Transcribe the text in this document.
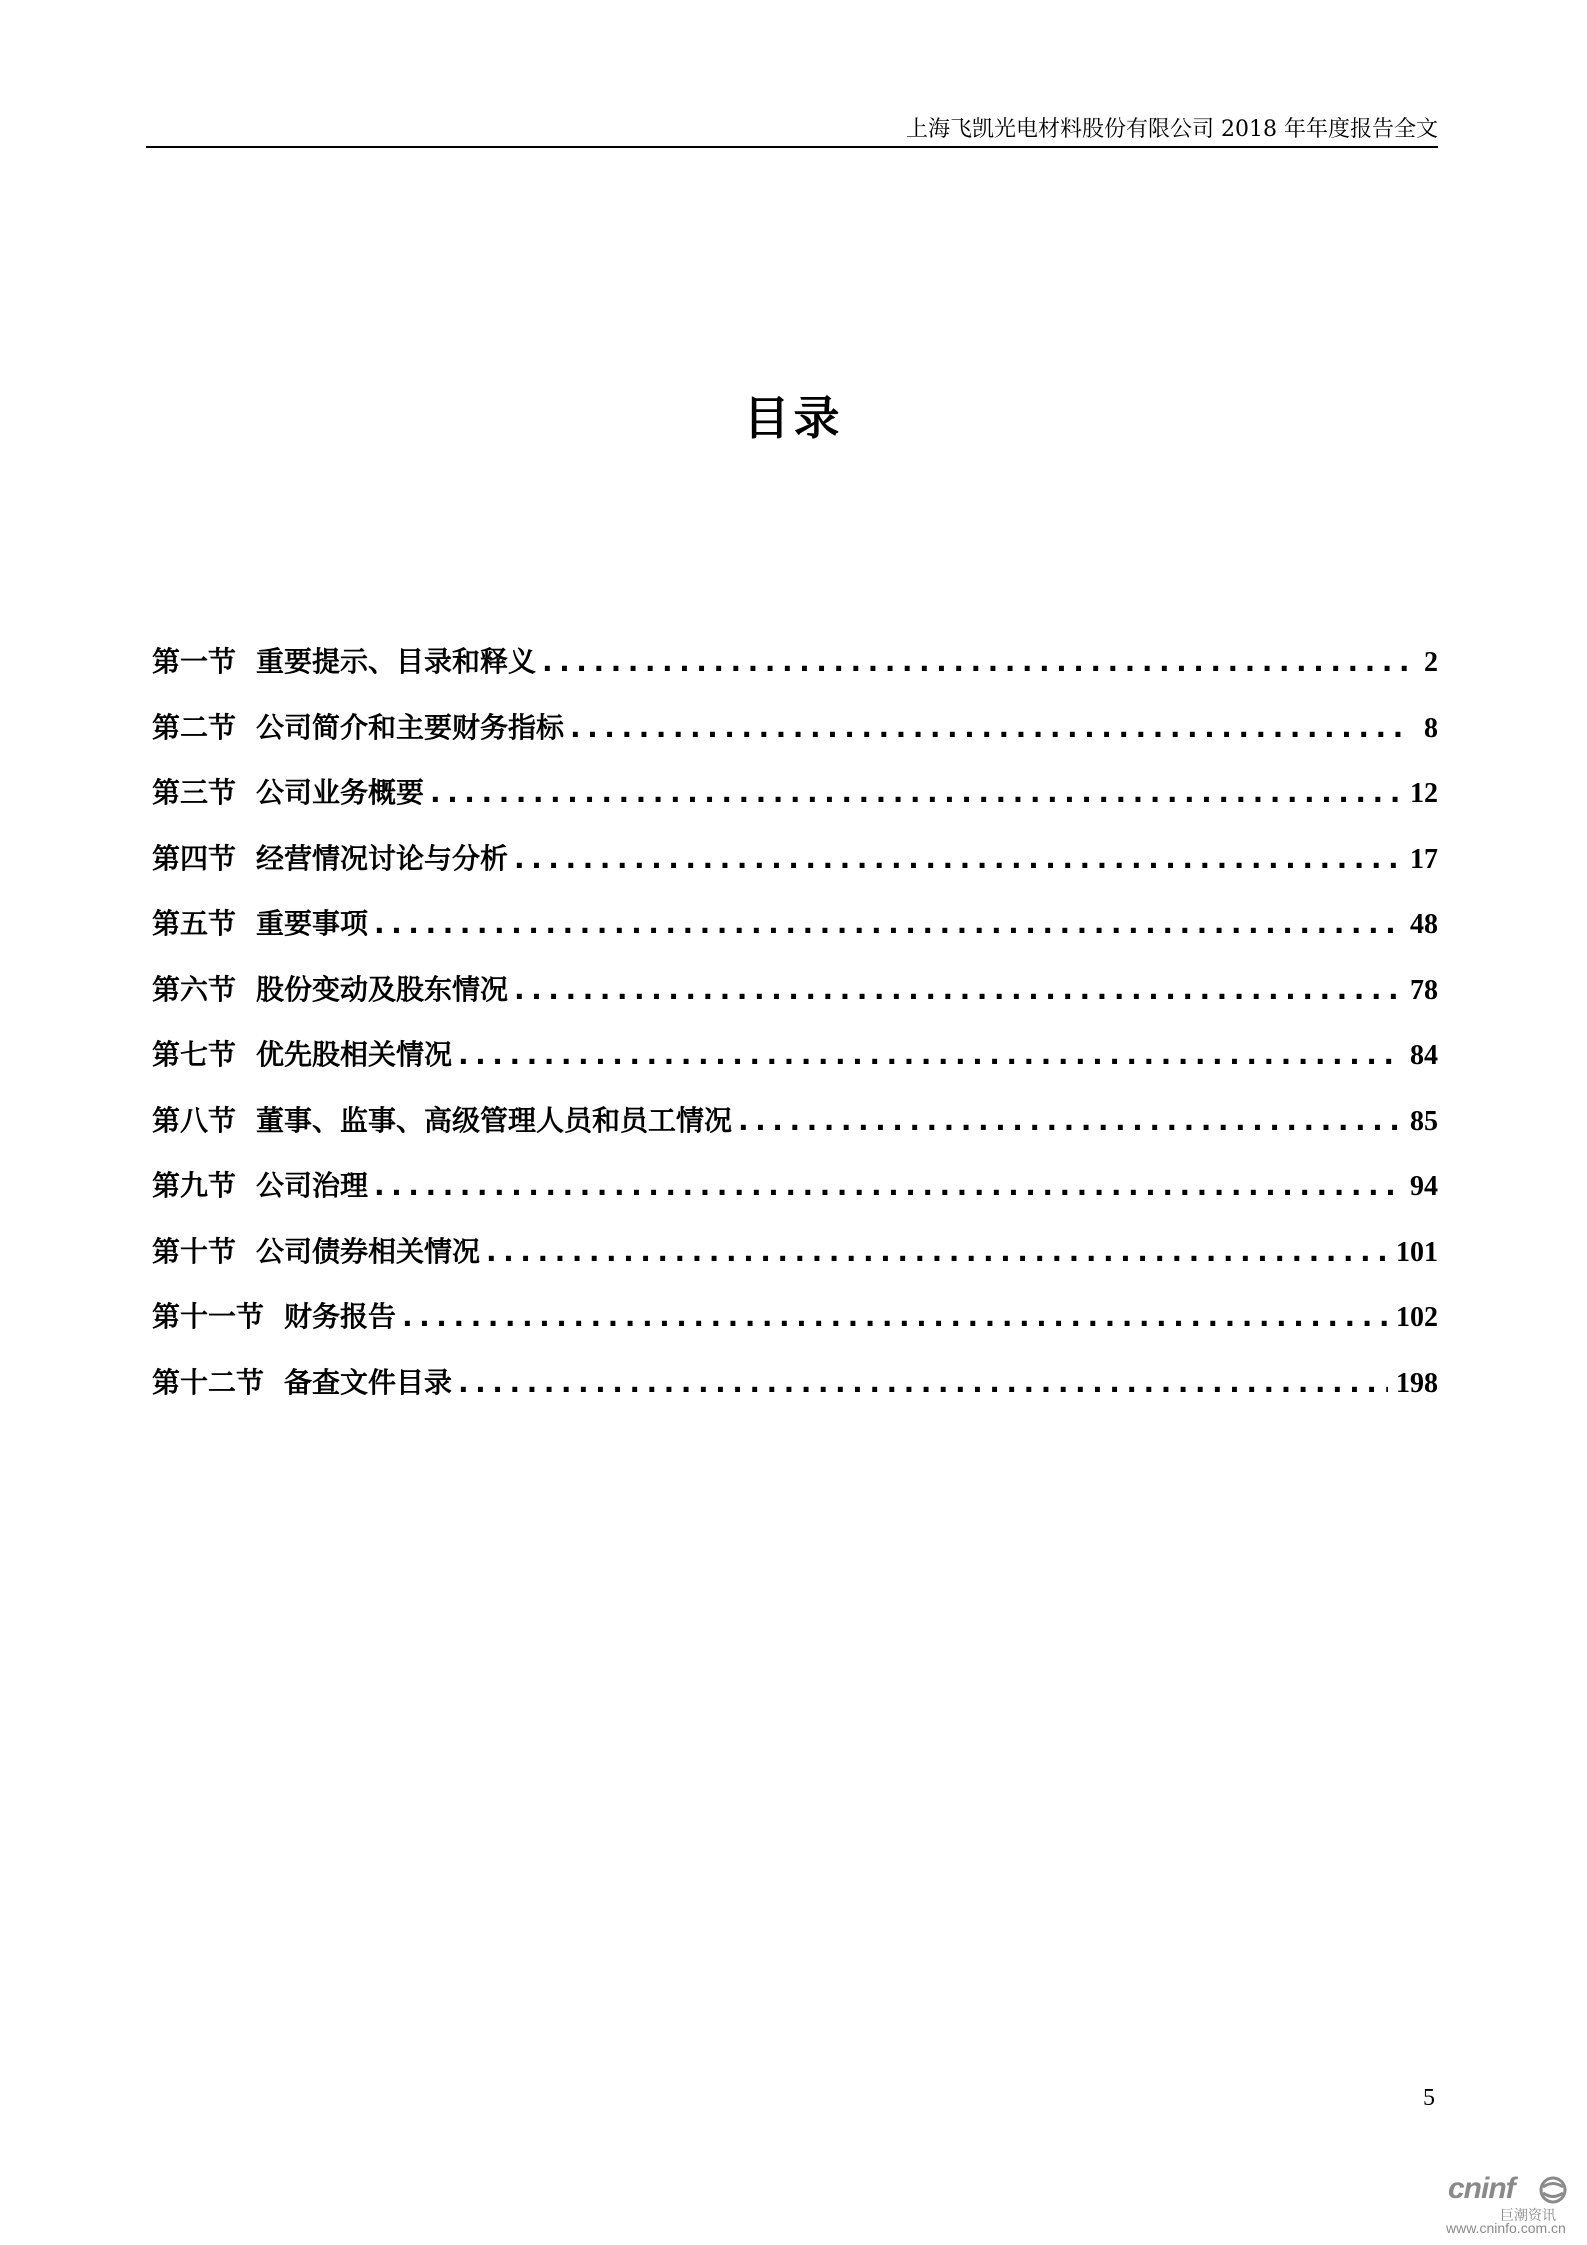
上海飞凯光电材料股份有限公司 2018 年年度报告全文
目录
第一节 重要提示、目录和释义 .....	2
第二节 公司简介和主要财务指标 .....	8
第三节 公司业务概要 .....	12
第四节 经营情况讨论与分析 .....	17
第五节 重要事项 .....	48
第六节 股份变动及股东情况 .....	78
第七节 优先股相关情况 .....	84
第八节 董事、监事、高级管理人员和员工情况 .....	85
第九节 公司治理 .....	94
第十节 公司债券相关情况 .....	101
第十一节 财务报告 .....	102
第十二节 备查文件目录 .....	198
5
cninf
巨潮资讯
www.cninfo.com.cn
